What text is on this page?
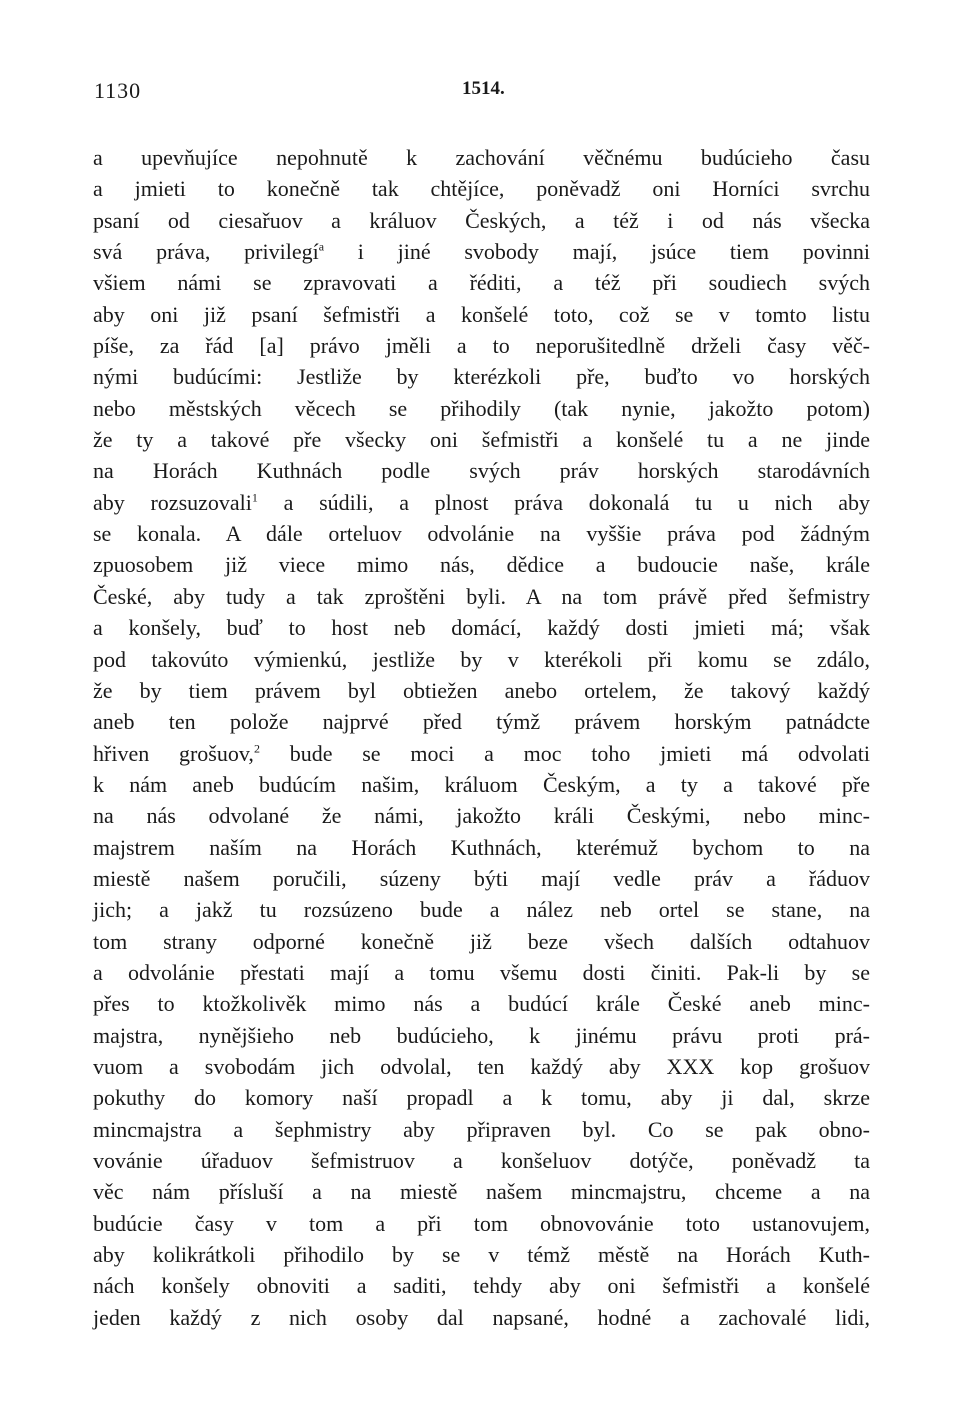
1130	1514.
a upevňujíce nepohnutě k zachování věčnému budúcieho času
a jmieti to konečně tak chtějíce, poněvadž oni Horníci svrchu
psaní od ciesařuov a králuov Českých, a též i od nás všecka
svá práva, privilegí$^a$ i jiné svobody mají, jsúce tiem povinni
všiem námi se zpravovati a řéditi, a též při soudiech svých
aby oni již psaní šefmistři a konšelé toto, což se v tomto listu
píše, za řád [a] právo jměli a to neporušitedlně drželi časy věč-
nými budúcími: Jestliže by kterézkoli pře, buďto vo horských
nebo městských věcech se přihodily (tak nynie, jakožto potom)
že ty a takové pře všecky oni šefmistři a konšelé tu a ne jinde
na Horách Kuthnách podle svých práv horských starodávních
aby rozsuzovali$^1$ a súdili, a plnost práva dokonalá tu u nich aby
se konala. A dále orteluov odvolánie na vyššie práva pod žádným
zpuosobem již viece mimo nás, dědice a budoucie naše, krále
České, aby tudy a tak zproštěni byli. A na tom právě před šefmistry
a konšely, buď to host neb domácí, každý dosti jmieti má; však
pod takovúto výmienkú, jestliže by v kterékoli při komu se zdálo,
že by tiem právem byl obtiežen anebo ortelem, že takový každý
aneb ten polože najprvé před týmž právem horským patnádcte
hřiven grošuov,$^2$ bude se moci a moc toho jmieti má odvolati
k nám aneb budúcím našim, králuom Českým, a ty a takové pře
na nás odvolané že námi, jakožto králi Českými, nebo minc-
majstrem naším na Horách Kuthnách, kterémuž bychom to na
miestě našem poručili, súzeny býti mají vedle práv a řáduov
jich; a jakž tu rozsúzeno bude a nález neb ortel se stane, na
tom strany odporné konečně již beze všech dalších odtahuov
a odvolánie přestati mají a tomu všemu dosti činiti. Pak-li by se
přes to ktožkolivěk mimo nás a budúcí krále České aneb minc-
majstra, nynějšieho neb budúcieho, k jinému právu proti prá-
vuom a svobodám jich odvolal, ten každý aby XXX kop grošuov
pokuthy do komory naší propadl a k tomu, aby ji dal, skrze
mincmajstra a šephmistry aby připraven byl. Co se pak obno-
vovánie úřaduov šefmistruov a konšeluov dotýče, poněvadž ta
věc nám přísluší a na miestě našem mincmajstru, chceme a na
budúcie časy v tom a při tom obnovovánie toto ustanovujem,
aby kolikrátkoli přihodilo by se v témž městě na Horách Kuth-
nách konšely obnoviti a saditi, tehdy aby oni šefmistři a konšelé
jeden každý z nich osoby dal napsané, hodné a zachovalé lidi,
